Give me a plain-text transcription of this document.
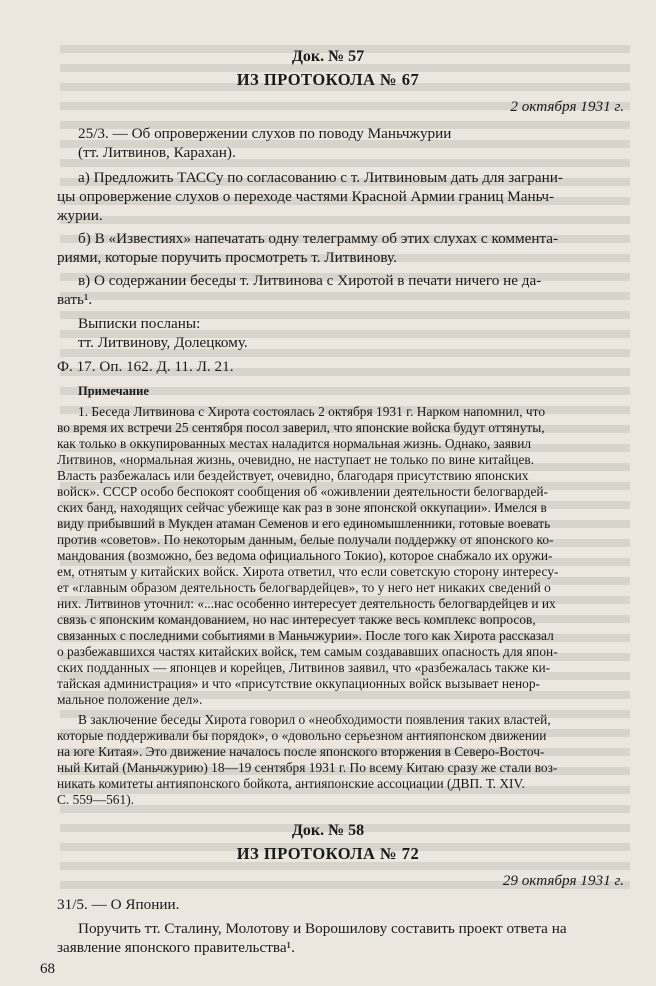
Док. № 57
ИЗ ПРОТОКОЛА № 67
2 октября 1931 г.
25/3. — Об опровержении слухов по поводу Маньчжурии
(тт. Литвинов, Карахан).
а) Предложить ТАССу по согласованию с т. Литвиновым дать для заграни-
цы опровержение слухов о переходе частями Красной Армии границ Маньч-
журии.
б) В «Известиях» напечатать одну телеграмму об этих слухах с коммента-
риями, которые поручить просмотреть т. Литвинову.
в) О содержании беседы т. Литвинова с Хиротой в печати ничего не да-
вать¹.
Выписки посланы:
тт. Литвинову, Долецкому.
Ф. 17. Оп. 162. Д. 11. Л. 21.
Примечание
1. Беседа Литвинова с Хирота состоялась 2 октября 1931 г. Нарком напомнил, что
во время их встречи 25 сентября посол заверил, что японские войска будут оттянуты,
как только в оккупированных местах наладится нормальная жизнь. Однако, заявил
Литвинов, «нормальная жизнь, очевидно, не наступает не только по вине китайцев.
Власть разбежалась или бездействует, очевидно, благодаря присутствию японских
войск». СССР особо беспокоят сообщения об «оживлении деятельности белогвардей-
ских банд, находящих сейчас убежище как раз в зоне японской оккупации». Имелся в
виду прибывший в Мукден атаман Семенов и его единомышленники, готовые воевать
против «советов». По некоторым данным, белые получали поддержку от японского ко-
мандования (возможно, без ведома официального Токио), которое снабжало их оружи-
ем, отнятым у китайских войск. Хирота ответил, что если советскую сторону интересу-
ет «главным образом деятельность белогвардейцев», то у него нет никаких сведений о
них. Литвинов уточнил: «...нас особенно интересует деятельность белогвардейцев и их
связь с японским командованием, но нас интересует также весь комплекс вопросов,
связанных с последними событиями в Маньчжурии». После того как Хирота рассказал
о разбежавшихся частях китайских войск, тем самым создававших опасность для япон-
ских подданных — японцев и корейцев, Литвинов заявил, что «разбежалась также ки-
тайская администрация» и что «присутствие оккупационных войск вызывает ненор-
мальное положение дел».
В заключение беседы Хирота говорил о «необходимости появления таких властей,
которые поддерживали бы порядок», о «довольно серьезном антияпонском движении
на юге Китая». Это движение началось после японского вторжения в Северо-Восточ-
ный Китай (Маньчжурию) 18—19 сентября 1931 г. По всему Китаю сразу же стали воз-
никать комитеты антияпонского бойкота, антияпонские ассоциации (ДВП. Т. XIV.
С. 559—561).
Док. № 58
ИЗ ПРОТОКОЛА № 72
29 октября 1931 г.
31/5. — О Японии.
Поручить тт. Сталину, Молотову и Ворошилову составить проект ответа на
заявление японского правительства¹.
68
